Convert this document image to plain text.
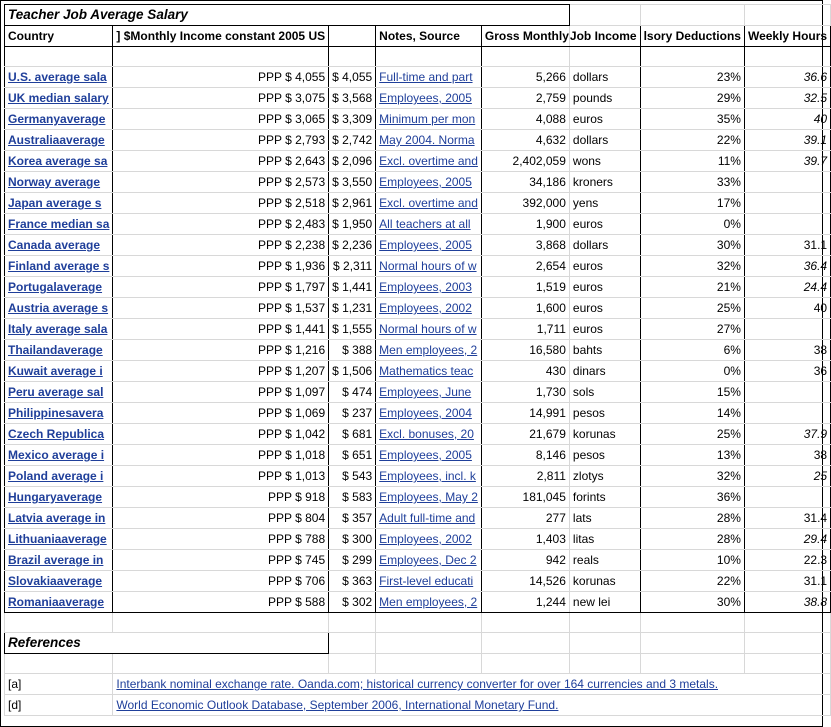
Teacher Job Average Salary							
Country	Monthly Income constant 2005 US$ [		Notes, Source	Gross Monthly	Job Income	lsory Deductions	Weekly Hours

U.S. average sala	PPP $ 4,055	$ 4,055	Full-time and part	5,266	dollars	23%	36.6
UK median salary	PPP $ 3,075	$ 3,568	Employees, 2005	2,759	pounds	29%	32.5
Germanyaverage	PPP $ 3,065	$ 3,309	Minimum per mon	4,088	euros	35%	40
Australiaaverage	PPP $ 2,793	$ 2,742	May 2004. Norma	4,632	dollars	22%	39.1
Korea average sa	PPP $ 2,643	$ 2,096	Excl. overtime and	2,402,059	wons	11%	39.7
Norway average	PPP $ 2,573	$ 3,550	Employees, 2005	34,186	kroners	33%	
Japan average s	PPP $ 2,518	$ 2,961	Excl. overtime and	392,000	yens	17%	
France median sa	PPP $ 2,483	$ 1,950	All teachers at all	1,900	euros	0%	
Canada average	PPP $ 2,238	$ 2,236	Employees, 2005	3,868	dollars	30%	31.1
Finland average s	PPP $ 1,936	$ 2,311	Normal hours of w	2,654	euros	32%	36.4
Portugalaverage	PPP $ 1,797	$ 1,441	Employees, 2003	1,519	euros	21%	24.4
Austria average s	PPP $ 1,537	$ 1,231	Employees, 2002	1,600	euros	25%	40
Italy average sala	PPP $ 1,441	$ 1,555	Normal hours of w	1,711	euros	27%	
Thailandaverage	PPP $ 1,216	$ 388	Men employees, 2	16,580	bahts	6%	38
Kuwait average i	PPP $ 1,207	$ 1,506	Mathematics teac	430	dinars	0%	36
Peru average sal	PPP $ 1,097	$ 474	Employees, June	1,730	sols	15%	
Philippinesavera	PPP $ 1,069	$ 237	Employees, 2004	14,991	pesos	14%	
Czech Republica	PPP $ 1,042	$ 681	Excl. bonuses, 20	21,679	korunas	25%	37.9
Mexico average i	PPP $ 1,018	$ 651	Employees, 2005	8,146	pesos	13%	38
Poland average i	PPP $ 1,013	$ 543	Employees, incl. k	2,811	zlotys	32%	25
Hungaryaverage	PPP $ 918	$ 583	Employees, May 2	181,045	forints	36%	
Latvia average in	PPP $ 804	$ 357	Adult full-time and	277	lats	28%	31.4
Lithuaniaaverage	PPP $ 788	$ 300	Employees, 2002	1,403	litas	28%	29.4
Brazil average in	PPP $ 745	$ 299	Employees, Dec 2	942	reals	10%	22.3
Slovakiaaverage	PPP $ 706	$ 363	First-level educati	14,526	korunas	22%	31.1
Romaniaaverage	PPP $ 588	$ 302	Men employees, 2	1,244	new lei	30%	38.8

References							

[a]	Interbank nominal exchange rate. Oanda.com; historical currency converter for over 164 currencies and 3 metals.						
[d]	World Economic Outlook Database, September 2006, International Monetary Fund.						
